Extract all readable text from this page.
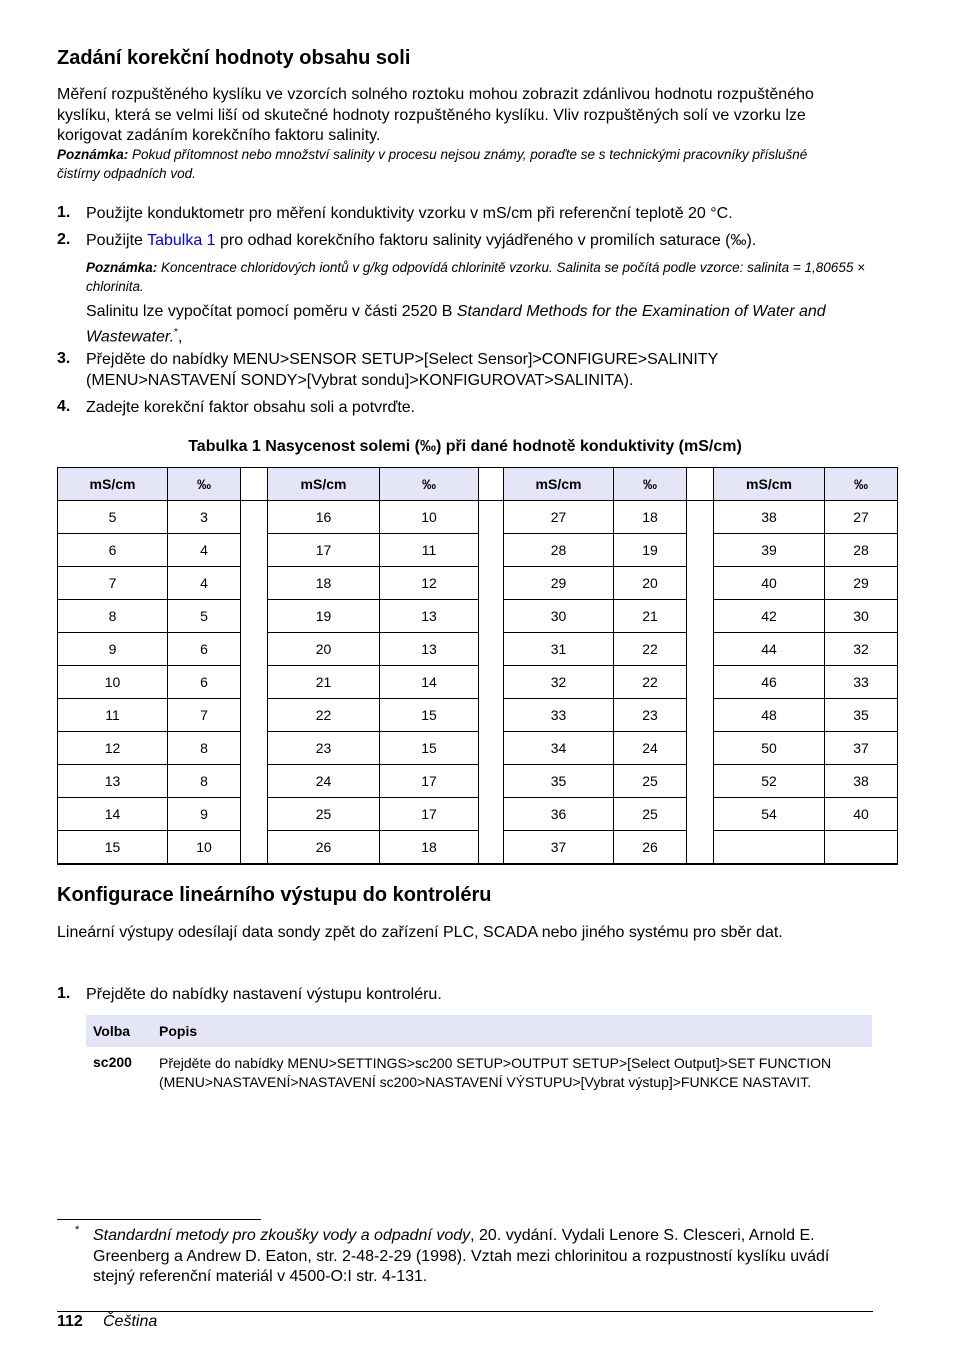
Zadání korekční hodnoty obsahu soli
Měření rozpuštěného kyslíku ve vzorcích solného roztoku mohou zobrazit zdánlivou hodnotu rozpuštěného kyslíku, která se velmi liší od skutečné hodnoty rozpuštěného kyslíku. Vliv rozpuštěných solí ve vzorku lze korigovat zadáním korekčního faktoru salinity.
Poznámka: Pokud přítomnost nebo množství salinity v procesu nejsou známy, poraďte se s technickými pracovníky příslušné čistírny odpadních vod.
1. Použijte konduktometr pro měření konduktivity vzorku v mS/cm při referenční teplotě 20 °C.
2. Použijte Tabulka 1 pro odhad korekčního faktoru salinity vyjádřeného v promilích saturace (‰).
Poznámka: Koncentrace chloridových iontů v g/kg odpovídá chlorinitě vzorku. Salinita se počítá podle vzorce: salinita = 1,80655 × chlorinita.
Salinitu lze vypočítat pomocí poměru v části 2520 B Standard Methods for the Examination of Water and Wastewater.*,
3. Přejděte do nabídky MENU>SENSOR SETUP>[Select Sensor]>CONFIGURE>SALINITY (MENU>NASTAVENÍ SONDY>[Vybrat sondu]>KONFIGUROVAT>SALINITA).
4. Zadejte korekční faktor obsahu soli a potvrďte.
Tabulka 1 Nasycenost solemi (‰) při dané hodnotě konduktivity (mS/cm)
mS/cm	‰		mS/cm	‰		mS/cm	‰		mS/cm	‰
5	3		16	10		27	18		38	27
6	4		17	11		28	19		39	28
7	4		18	12		29	20		40	29
8	5		19	13		30	21		42	30
9	6		20	13		31	22		44	32
10	6		21	14		32	22		46	33
11	7		22	15		33	23		48	35
12	8		23	15		34	24		50	37
13	8		24	17		35	25		52	38
14	9		25	17		36	25		54	40
15	10		26	18		37	26			
Konfigurace lineárního výstupu do kontroléru
Lineární výstupy odesílají data sondy zpět do zařízení PLC, SCADA nebo jiného systému pro sběr dat.
1. Přejděte do nabídky nastavení výstupu kontroléru.
Volba Popis
sc200 Přejděte do nabídky MENU>SETTINGS>sc200 SETUP>OUTPUT SETUP>[Select Output]>SET FUNCTION (MENU>NASTAVENÍ>NASTAVENÍ sc200>NASTAVENÍ VÝSTUPU>[Vybrat výstup]>FUNKCE NASTAVIT.
* Standardní metody pro zkoušky vody a odpadní vody, 20. vydání. Vydali Lenore S. Clesceri, Arnold E. Greenberg a Andrew D. Eaton, str. 2-48-2-29 (1998). Vztah mezi chlorinitou a rozpustností kyslíku uvádí stejný referenční materiál v 4500-O:I str. 4-131.
112 Čeština
